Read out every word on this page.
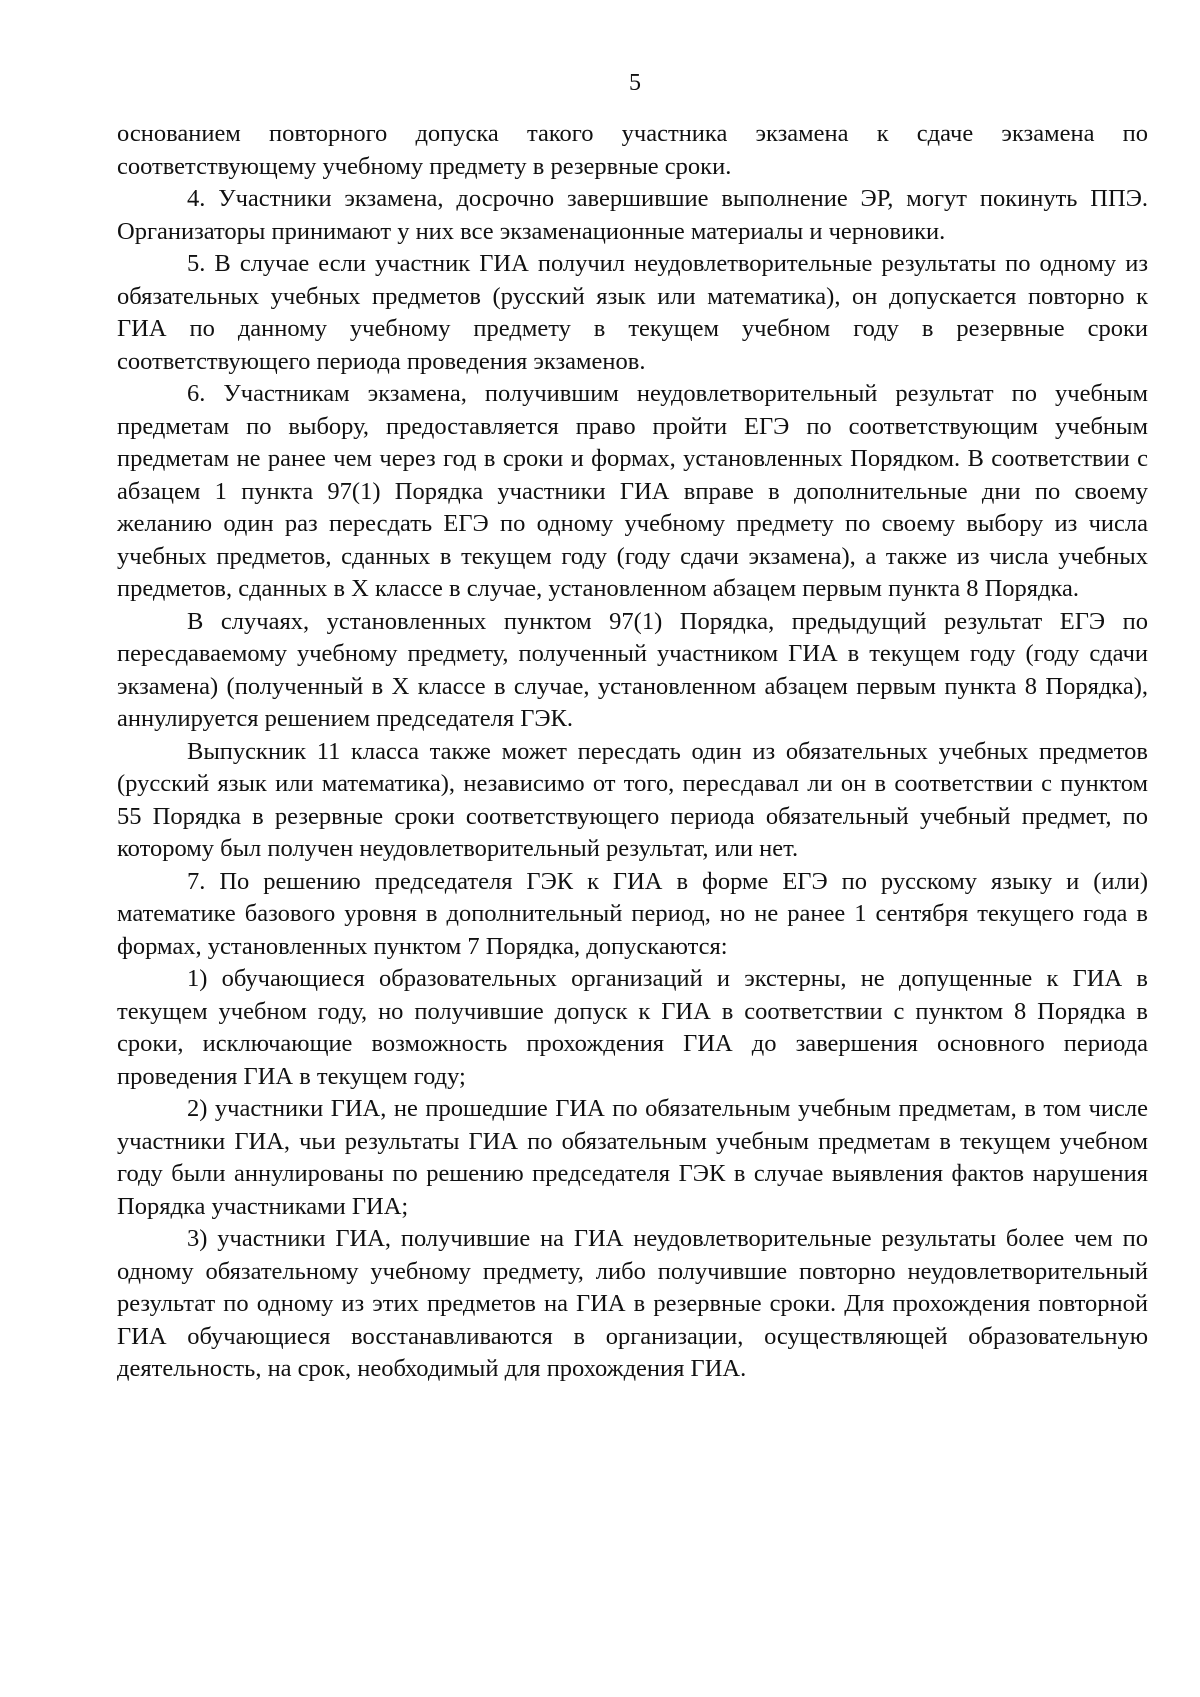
5

основанием повторного допуска такого участника экзамена к сдаче экзамена по соответствующему учебному предмету в резервные сроки.

4. Участники экзамена, досрочно завершившие выполнение ЭР, могут покинуть ППЭ. Организаторы принимают у них все экзаменационные материалы и черновики.

5. В случае если участник ГИА получил неудовлетворительные результаты по одному из обязательных учебных предметов (русский язык или математика), он допускается повторно к ГИА по данному учебному предмету в текущем учебном году в резервные сроки соответствующего периода проведения экзаменов.

6. Участникам экзамена, получившим неудовлетворительный результат по учебным предметам по выбору, предоставляется право пройти ЕГЭ по соответствующим учебным предметам не ранее чем через год в сроки и формах, установленных Порядком. В соответствии с абзацем 1 пункта 97(1) Порядка участники ГИА вправе в дополнительные дни по своему желанию один раз пересдать ЕГЭ по одному учебному предмету по своему выбору из числа учебных предметов, сданных в текущем году (году сдачи экзамена), а также из числа учебных предметов, сданных в X классе в случае, установленном абзацем первым пункта 8 Порядка.

В случаях, установленных пунктом 97(1) Порядка, предыдущий результат ЕГЭ по пересдаваемому учебному предмету, полученный участником ГИА в текущем году (году сдачи экзамена) (полученный в X классе в случае, установленном абзацем первым пункта 8 Порядка), аннулируется решением председателя ГЭК.

Выпускник 11 класса также может пересдать один из обязательных учебных предметов (русский язык или математика), независимо от того, пересдавал ли он в соответствии с пунктом 55 Порядка в резервные сроки соответствующего периода обязательный учебный предмет, по которому был получен неудовлетворительный результат, или нет.

7. По решению председателя ГЭК к ГИА в форме ЕГЭ по русскому языку и (или) математике базового уровня в дополнительный период, но не ранее 1 сентября текущего года в формах, установленных пунктом 7 Порядка, допускаются:

1) обучающиеся образовательных организаций и экстерны, не допущенные к ГИА в текущем учебном году, но получившие допуск к ГИА в соответствии с пунктом 8 Порядка в сроки, исключающие возможность прохождения ГИА до завершения основного периода проведения ГИА в текущем году;

2) участники ГИА, не прошедшие ГИА по обязательным учебным предметам, в том числе участники ГИА, чьи результаты ГИА по обязательным учебным предметам в текущем учебном году были аннулированы по решению председателя ГЭК в случае выявления фактов нарушения Порядка участниками ГИА;

3) участники ГИА, получившие на ГИА неудовлетворительные результаты более чем по одному обязательному учебному предмету, либо получившие повторно неудовлетворительный результат по одному из этих предметов на ГИА в резервные сроки. Для прохождения повторной ГИА обучающиеся восстанавливаются в организации, осуществляющей образовательную деятельность, на срок, необходимый для прохождения ГИА.
